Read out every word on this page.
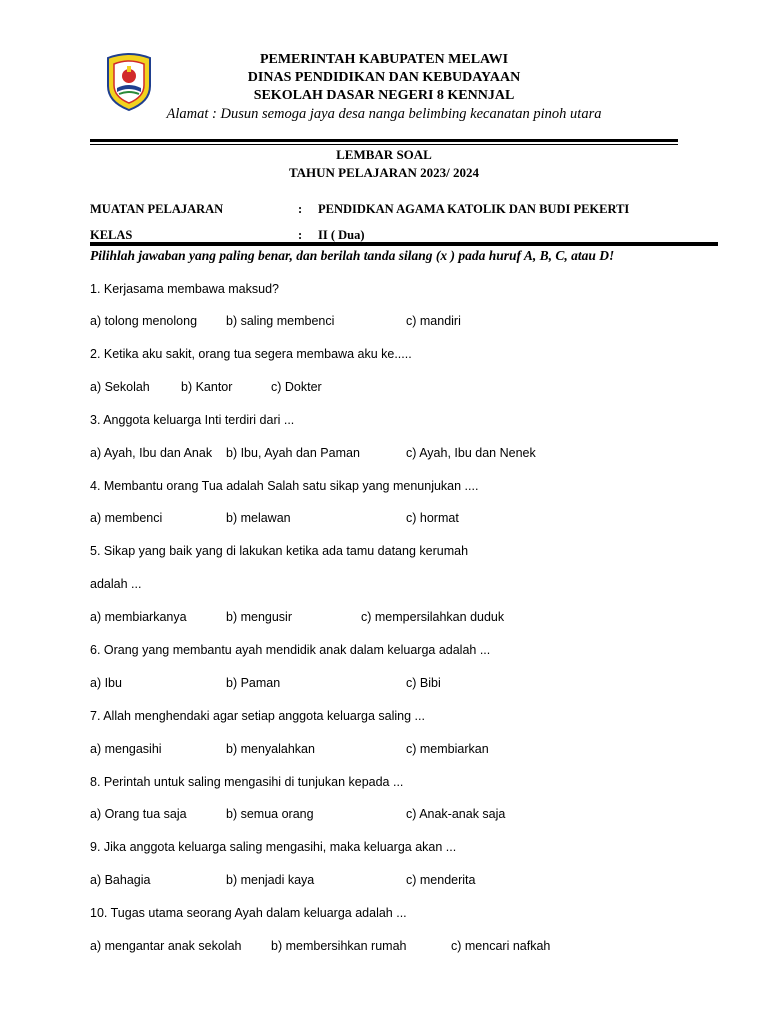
PEMERINTAH KABUPATEN MELAWI
DINAS PENDIDIKAN DAN KEBUDAYAAN
SEKOLAH DASAR NEGERI 8 KENNJAL
Alamat : Dusun semoga jaya desa nanga belimbing kecanatan pinoh utara
LEMBAR SOAL
TAHUN PELAJARAN 2023/ 2024
MUATAN PELAJARAN	: PENDIDKAN AGAMA KATOLIK DAN BUDI PEKERTI
KELAS	: II ( Dua)
Pilihlah jawaban yang paling benar, dan berilah tanda silang (x ) pada huruf A, B, C, atau D!
1. Kerjasama membawa maksud?
a) tolong menolong b) saling membenci	c) mandiri
2. Ketika aku sakit, orang tua segera membawa aku ke.....
a) Sekolah b) Kantor	c) Dokter
3. Anggota keluarga Inti terdiri dari ...
a) Ayah, Ibu dan Anak b) Ibu, Ayah dan Paman	c) Ayah, Ibu dan Nenek
4. Membantu orang Tua adalah Salah satu sikap yang menunjukan ....
a) membenci	b) melawan	c) hormat
5. Sikap yang baik yang di lakukan ketika ada tamu datang kerumah
adalah ...
a) membiarkanya	b) mengusir	c) mempersilahkan duduk
6. Orang yang membantu ayah mendidik anak dalam keluarga adalah ...
a) Ibu	b) Paman	c) Bibi
7. Allah menghendaki agar setiap anggota keluarga saling ...
a) mengasihi	b) menyalahkan	c) membiarkan
8. Perintah untuk saling mengasihi di tunjukan kepada ...
a) Orang tua saja	b) semua orang	c) Anak-anak saja
9. Jika anggota keluarga saling mengasihi, maka keluarga akan ...
a) Bahagia	b) menjadi kaya	c) menderita
10. Tugas utama seorang Ayah dalam keluarga adalah ...
a) mengantar anak sekolah b) membersihkan rumah	c) mencari nafkah
